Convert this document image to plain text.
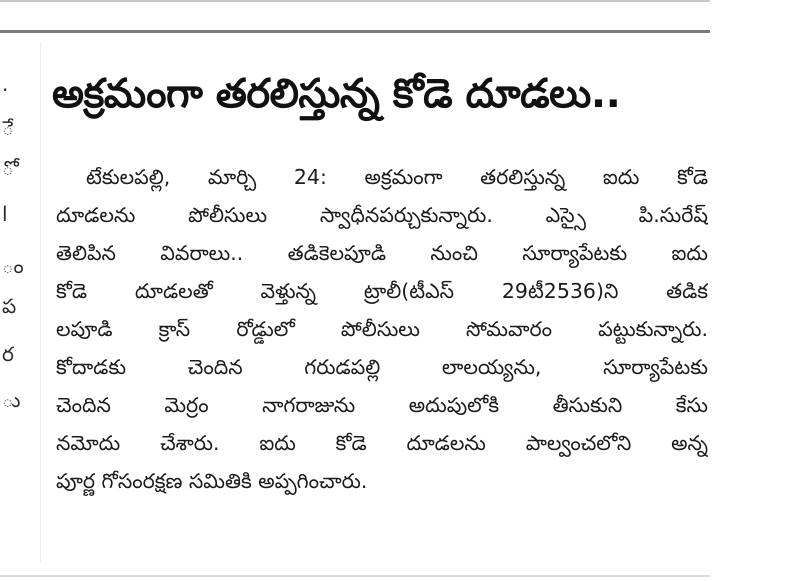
.
ే
ో
l
ం
ప
ర
ు
అక్రమంగా తరలిస్తున్న కోడె దూడలు..
టేకులపల్లి, మార్చి 24: అక్రమంగా తరలిస్తున్న ఐదు కోడె
దూడలను పోలీసులు స్వాధీనపర్చుకున్నారు. ఎస్సై పి.సురేష్
తెలిపిన వివరాలు.. తడికెలపూడి నుంచి సూర్యాపేటకు ఐదు
కోడె దూడలతో వెళ్తున్న ట్రాలీ(టీఎస్ 29టీ2536)ని తడిక
లపూడి క్రాస్ రోడ్డులో పోలీసులు సోమవారం పట్టుకున్నారు.
కోదాడకు చెందిన గరుడపల్లి లాలయ్యను, సూర్యాపేటకు
చెందిన మెర్రం నాగరాజును అదుపులోకి తీసుకుని కేసు
నమోదు చేశారు. ఐదు కోడె దూడలను పాల్వంచలోని అన్న
పూర్ణ గోసంరక్షణ సమితికి అప్పగించారు.
